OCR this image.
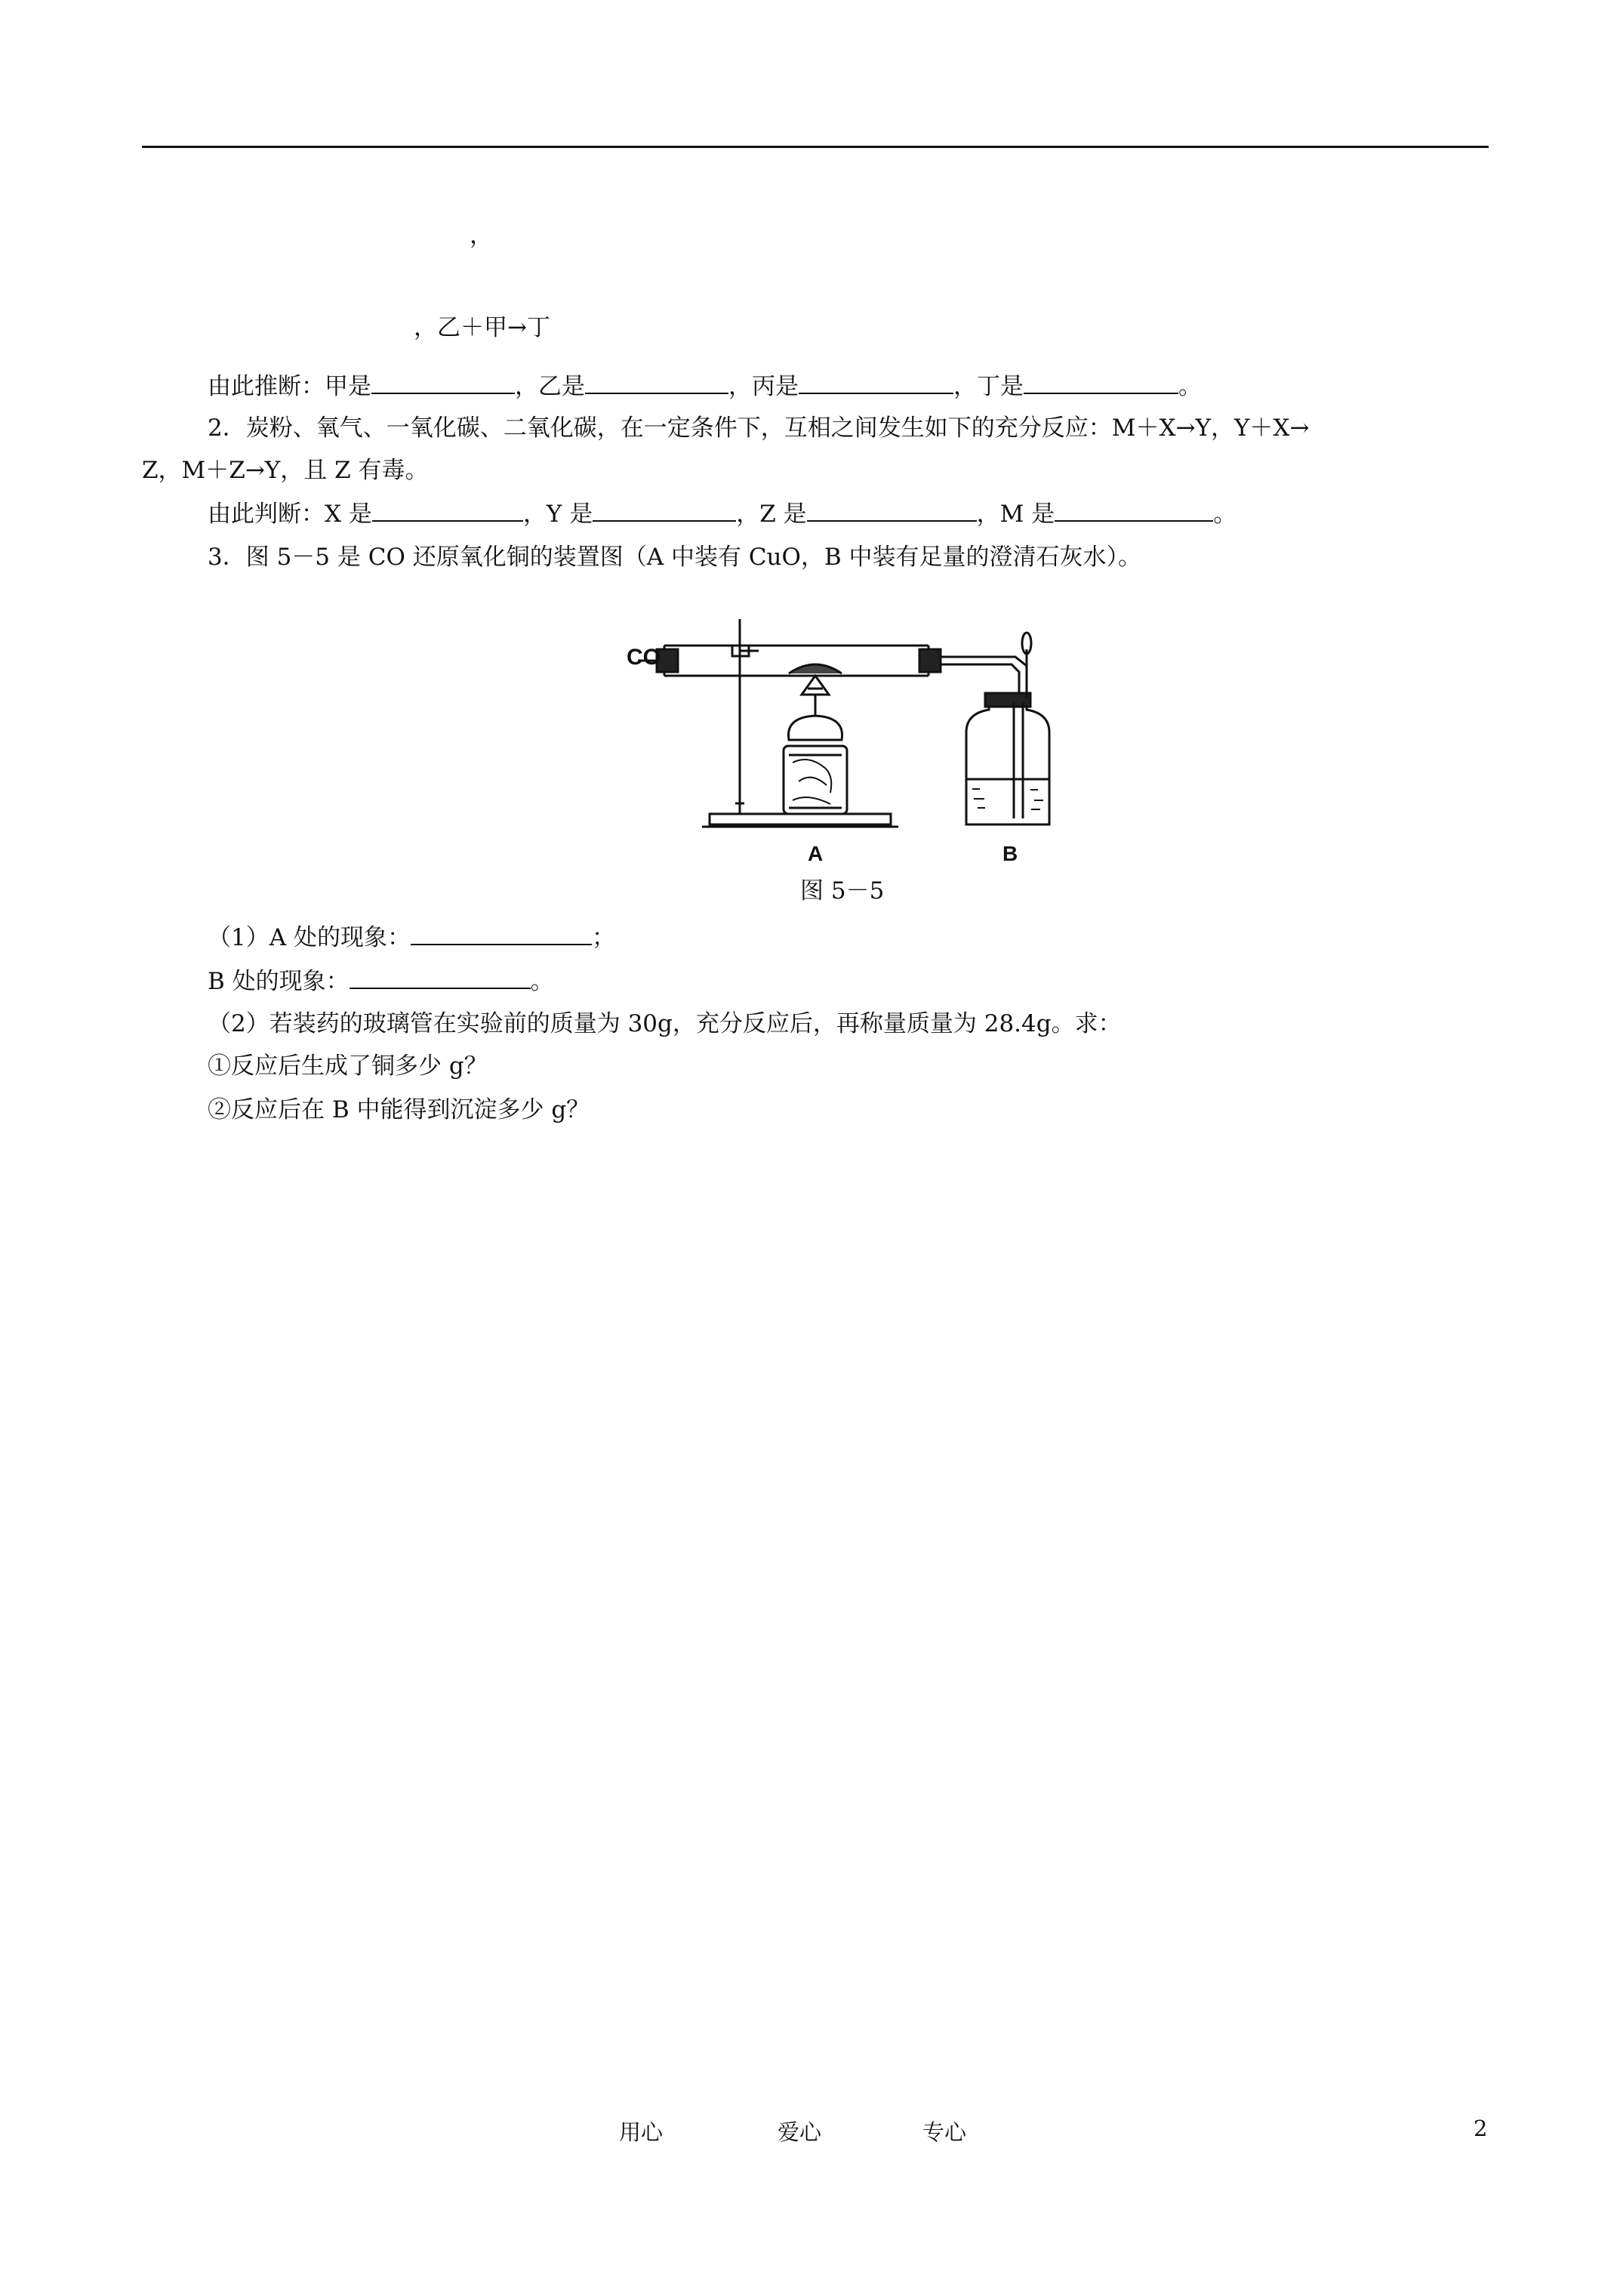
，
，乙＋甲→丁
由此推断：甲是	，乙是	，丙是	，丁是	。
2．炭粉、氧气、一氧化碳、二氧化碳，在一定条件下，互相之间发生如下的充分反应：M＋X→Y，Y＋X→
Z，M＋Z→Y，且 Z 有毒。
由此判断：X 是	，Y 是	，Z 是	，M 是	。
3．图 5－5 是 CO 还原氧化铜的装置图（A 中装有 CuO，B 中装有足量的澄清石灰水）。
CO
A	B
图 5－5
（1）A 处的现象：	；
B 处的现象：	。
（2）若装药的玻璃管在实验前的质量为 30g，充分反应后，再称量质量为 28.4g。求：
①反应后生成了铜多少 g？
②反应后在 B 中能得到沉淀多少 g？
用心	爱心	专心	2
